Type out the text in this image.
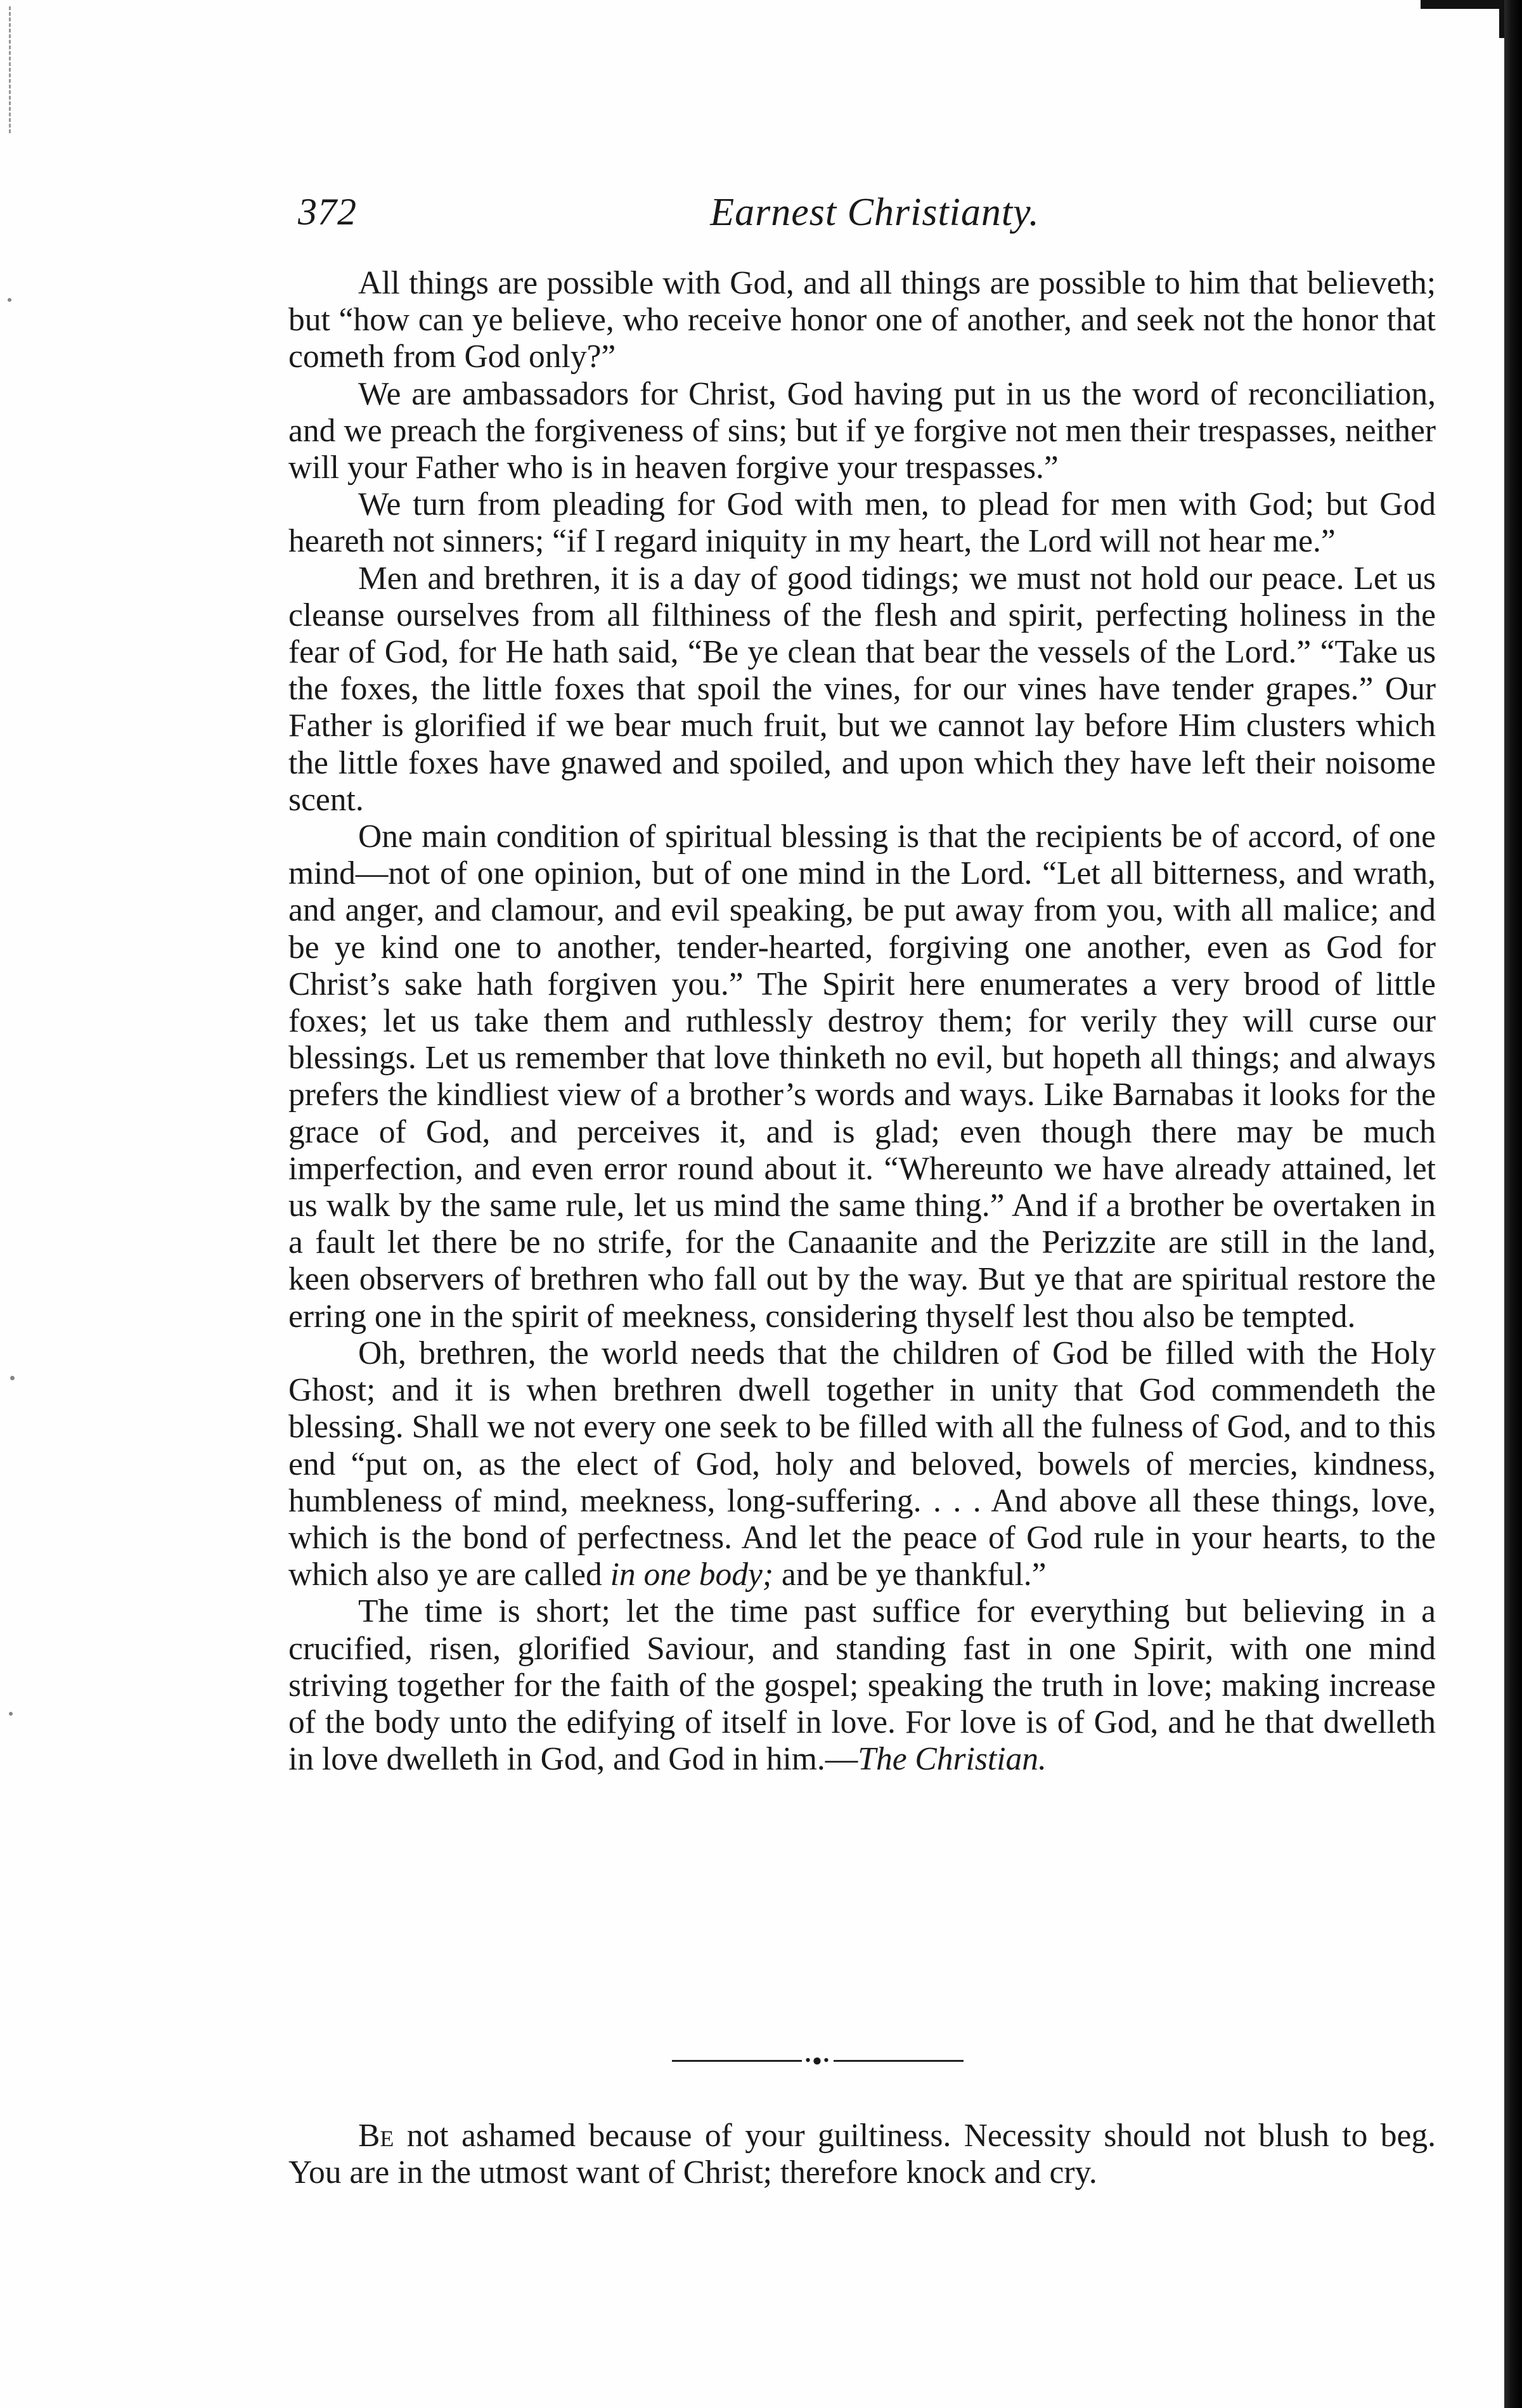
372	Earnest Christianty.

All things are possible with God, and all things are possible to him that believeth; but “how can ye believe, who receive honor one of another, and seek not the honor that cometh from God only?”

We are ambassadors for Christ, God having put in us the word of reconciliation, and we preach the forgiveness of sins; but if ye forgive not men their trespasses, neither will your Father who is in heaven forgive your trespasses.”

We turn from pleading for God with men, to plead for men with God; but God heareth not sinners; “if I regard iniquity in my heart, the Lord will not hear me.”

Men and brethren, it is a day of good tidings; we must not hold our peace. Let us cleanse ourselves from all filthiness of the flesh and spirit, perfecting holiness in the fear of God, for He hath said, “Be ye clean that bear the vessels of the Lord.” “Take us the foxes, the little foxes that spoil the vines, for our vines have tender grapes.” Our Father is glorified if we bear much fruit, but we cannot lay before Him clusters which the little foxes have gnawed and spoiled, and upon which they have left their noisome scent.

One main condition of spiritual blessing is that the recipients be of accord, of one mind—not of one opinion, but of one mind in the Lord. “Let all bitterness, and wrath, and anger, and clamour, and evil speaking, be put away from you, with all malice; and be ye kind one to another, tender-hearted, forgiving one another, even as God for Christ’s sake hath forgiven you.” The Spirit here enumerates a very brood of little foxes; let us take them and ruthlessly destroy them; for verily they will curse our blessings. Let us remember that love thinketh no evil, but hopeth all things; and always prefers the kindliest view of a brother’s words and ways. Like Barnabas it looks for the grace of God, and perceives it, and is glad; even though there may be much imperfection, and even error round about it. “Whereunto we have already attained, let us walk by the same rule, let us mind the same thing.” And if a brother be overtaken in a fault let there be no strife, for the Canaanite and the Perizzite are still in the land, keen observers of brethren who fall out by the way. But ye that are spiritual restore the erring one in the spirit of meekness, considering thyself lest thou also be tempted.

Oh, brethren, the world needs that the children of God be filled with the Holy Ghost; and it is when brethren dwell together in unity that God commendeth the blessing. Shall we not every one seek to be filled with all the fulness of God, and to this end “put on, as the elect of God, holy and beloved, bowels of mercies, kindness, humbleness of mind, meekness, long-suffering. . . . And above all these things, love, which is the bond of perfectness. And let the peace of God rule in your hearts, to the which also ye are called in one body; and be ye thankful.”

The time is short; let the time past suffice for everything but believing in a crucified, risen, glorified Saviour, and standing fast in one Spirit, with one mind striving together for the faith of the gospel; speaking the truth in love; making increase of the body unto the edifying of itself in love. For love is of God, and he that dwelleth in love dwelleth in God, and God in him.—The Christian.

•●•

Be not ashamed because of your guiltiness. Necessity should not blush to beg. You are in the utmost want of Christ; therefore knock and cry.
